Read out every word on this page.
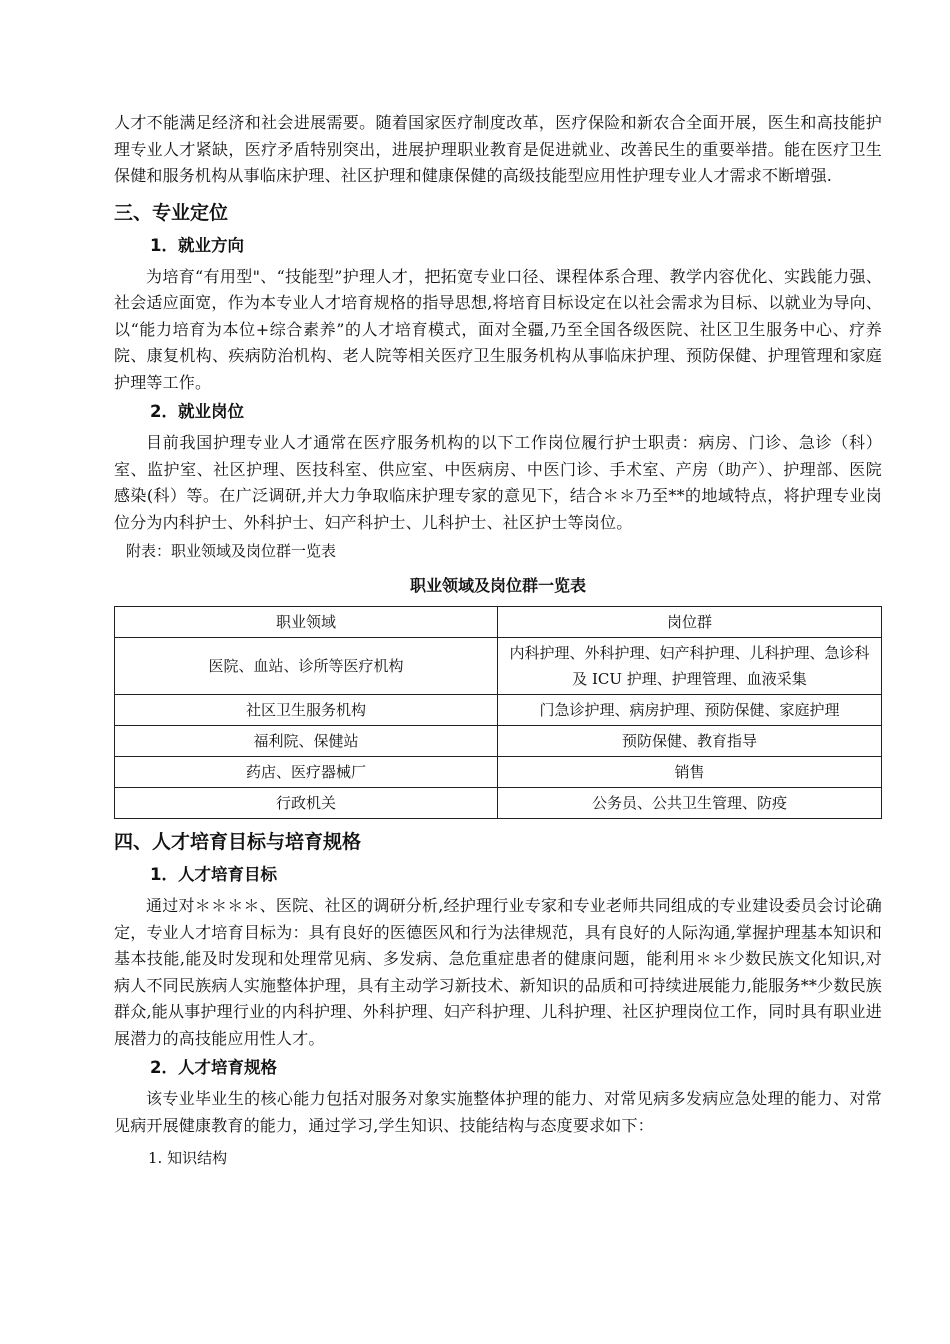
人才不能满足经济和社会进展需要。随着国家医疗制度改革，医疗保险和新农合全面开展，医生和高技能护理专业人才紧缺，医疗矛盾特别突出，进展护理职业教育是促进就业、改善民生的重要举措。能在医疗卫生保健和服务机构从事临床护理、社区护理和健康保健的高级技能型应用性护理专业人才需求不断增强.

三、专业定位
1．就业方向

为培育“有用型"、“技能型”护理人才，把拓宽专业口径、课程体系合理、教学内容优化、实践能力强、社会适应面宽，作为本专业人才培育规格的指导思想,将培育目标设定在以社会需求为目标、以就业为导向、以“能力培育为本位+综合素养”的人才培育模式，面对全疆,乃至全国各级医院、社区卫生服务中心、疗养院、康复机构、疾病防治机构、老人院等相关医疗卫生服务机构从事临床护理、预防保健、护理管理和家庭护理等工作。

2．就业岗位

目前我国护理专业人才通常在医疗服务机构的以下工作岗位履行护士职责：病房、门诊、急诊（科）室、监护室、社区护理、医技科室、供应室、中医病房、中医门诊、手术室、产房（助产）、护理部、医院感染(科）等。在广泛调研,并大力争取临床护理专家的意见下，结合＊＊乃至**的地域特点，将护理专业岗位分为内科护士、外科护士、妇产科护士、儿科护士、社区护士等岗位。

附表：职业领域及岗位群一览表
职业领域及岗位群一览表
职业领域	岗位群
医院、血站、诊所等医疗机构	内科护理、外科护理、妇产科护理、儿科护理、急诊科及 ICU 护理、护理管理、血液采集
社区卫生服务机构	门急诊护理、病房护理、预防保健、家庭护理
福利院、保健站	预防保健、教育指导
药店、医疗器械厂	销售
行政机关	公务员、公共卫生管理、防疫
四、人才培育目标与培育规格
1．人才培育目标

通过对＊＊＊＊、医院、社区的调研分析,经护理行业专家和专业老师共同组成的专业建设委员会讨论确定，专业人才培育目标为：具有良好的医德医风和行为法律规范，具有良好的人际沟通,掌握护理基本知识和基本技能,能及时发现和处理常见病、多发病、急危重症患者的健康问题，能利用＊＊少数民族文化知识,对病人不同民族病人实施整体护理，具有主动学习新技术、新知识的品质和可持续进展能力,能服务**少数民族群众,能从事护理行业的内科护理、外科护理、妇产科护理、儿科护理、社区护理岗位工作，同时具有职业进展潜力的高技能应用性人才。

2．人才培育规格

该专业毕业生的核心能力包括对服务对象实施整体护理的能力、对常见病多发病应急处理的能力、对常见病开展健康教育的能力，通过学习,学生知识、技能结构与态度要求如下：

1. 知识结构
